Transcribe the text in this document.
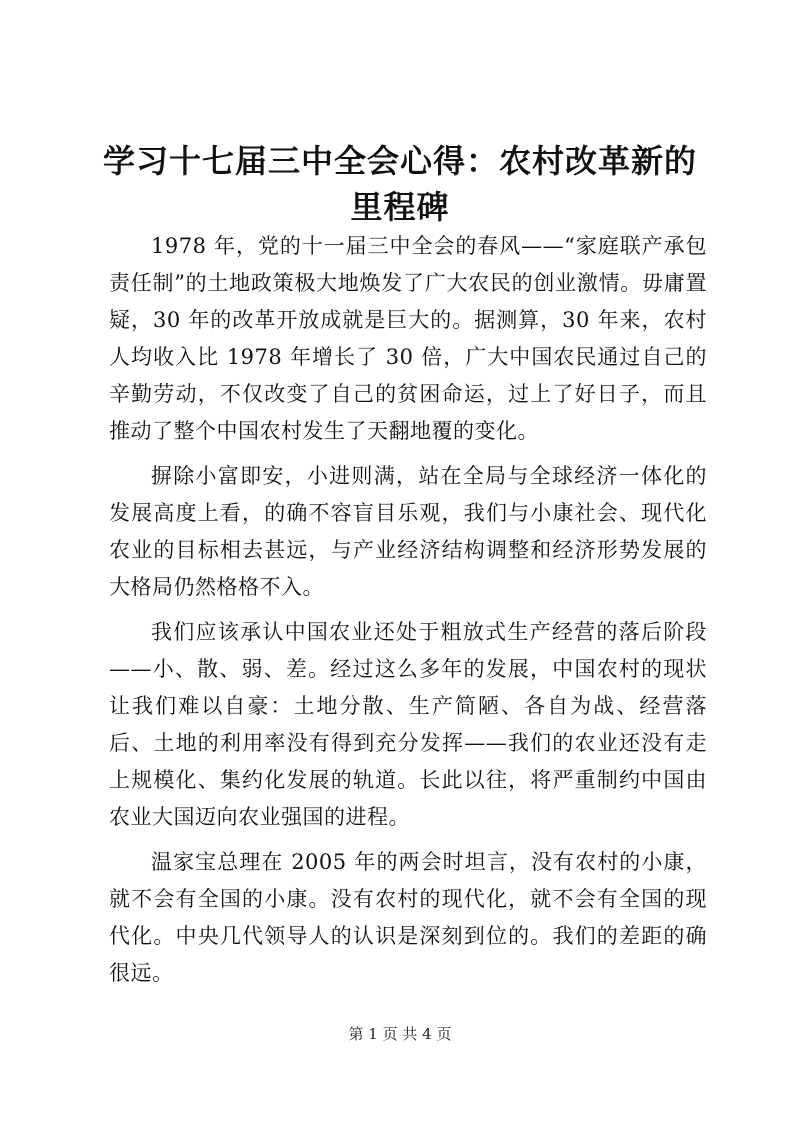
学习十七届三中全会心得：农村改革新的里程碑

1978 年，党的十一届三中全会的春风——“家庭联产承包责任制”的土地政策极大地焕发了广大农民的创业激情。毋庸置疑，30 年的改革开放成就是巨大的。据测算，30 年来，农村人均收入比 1978 年增长了 30 倍，广大中国农民通过自己的辛勤劳动，不仅改变了自己的贫困命运，过上了好日子，而且推动了整个中国农村发生了天翻地覆的变化。

摒除小富即安，小进则满，站在全局与全球经济一体化的发展高度上看，的确不容盲目乐观，我们与小康社会、现代化农业的目标相去甚远，与产业经济结构调整和经济形势发展的大格局仍然格格不入。

我们应该承认中国农业还处于粗放式生产经营的落后阶段——小、散、弱、差。经过这么多年的发展，中国农村的现状让我们难以自豪：土地分散、生产简陋、各自为战、经营落后、土地的利用率没有得到充分发挥——我们的农业还没有走上规模化、集约化发展的轨道。长此以往，将严重制约中国由农业大国迈向农业强国的进程。

温家宝总理在 2005 年的两会时坦言，没有农村的小康，就不会有全国的小康。没有农村的现代化，就不会有全国的现代化。中央几代领导人的认识是深刻到位的。我们的差距的确很远。

第 1 页 共 4 页
